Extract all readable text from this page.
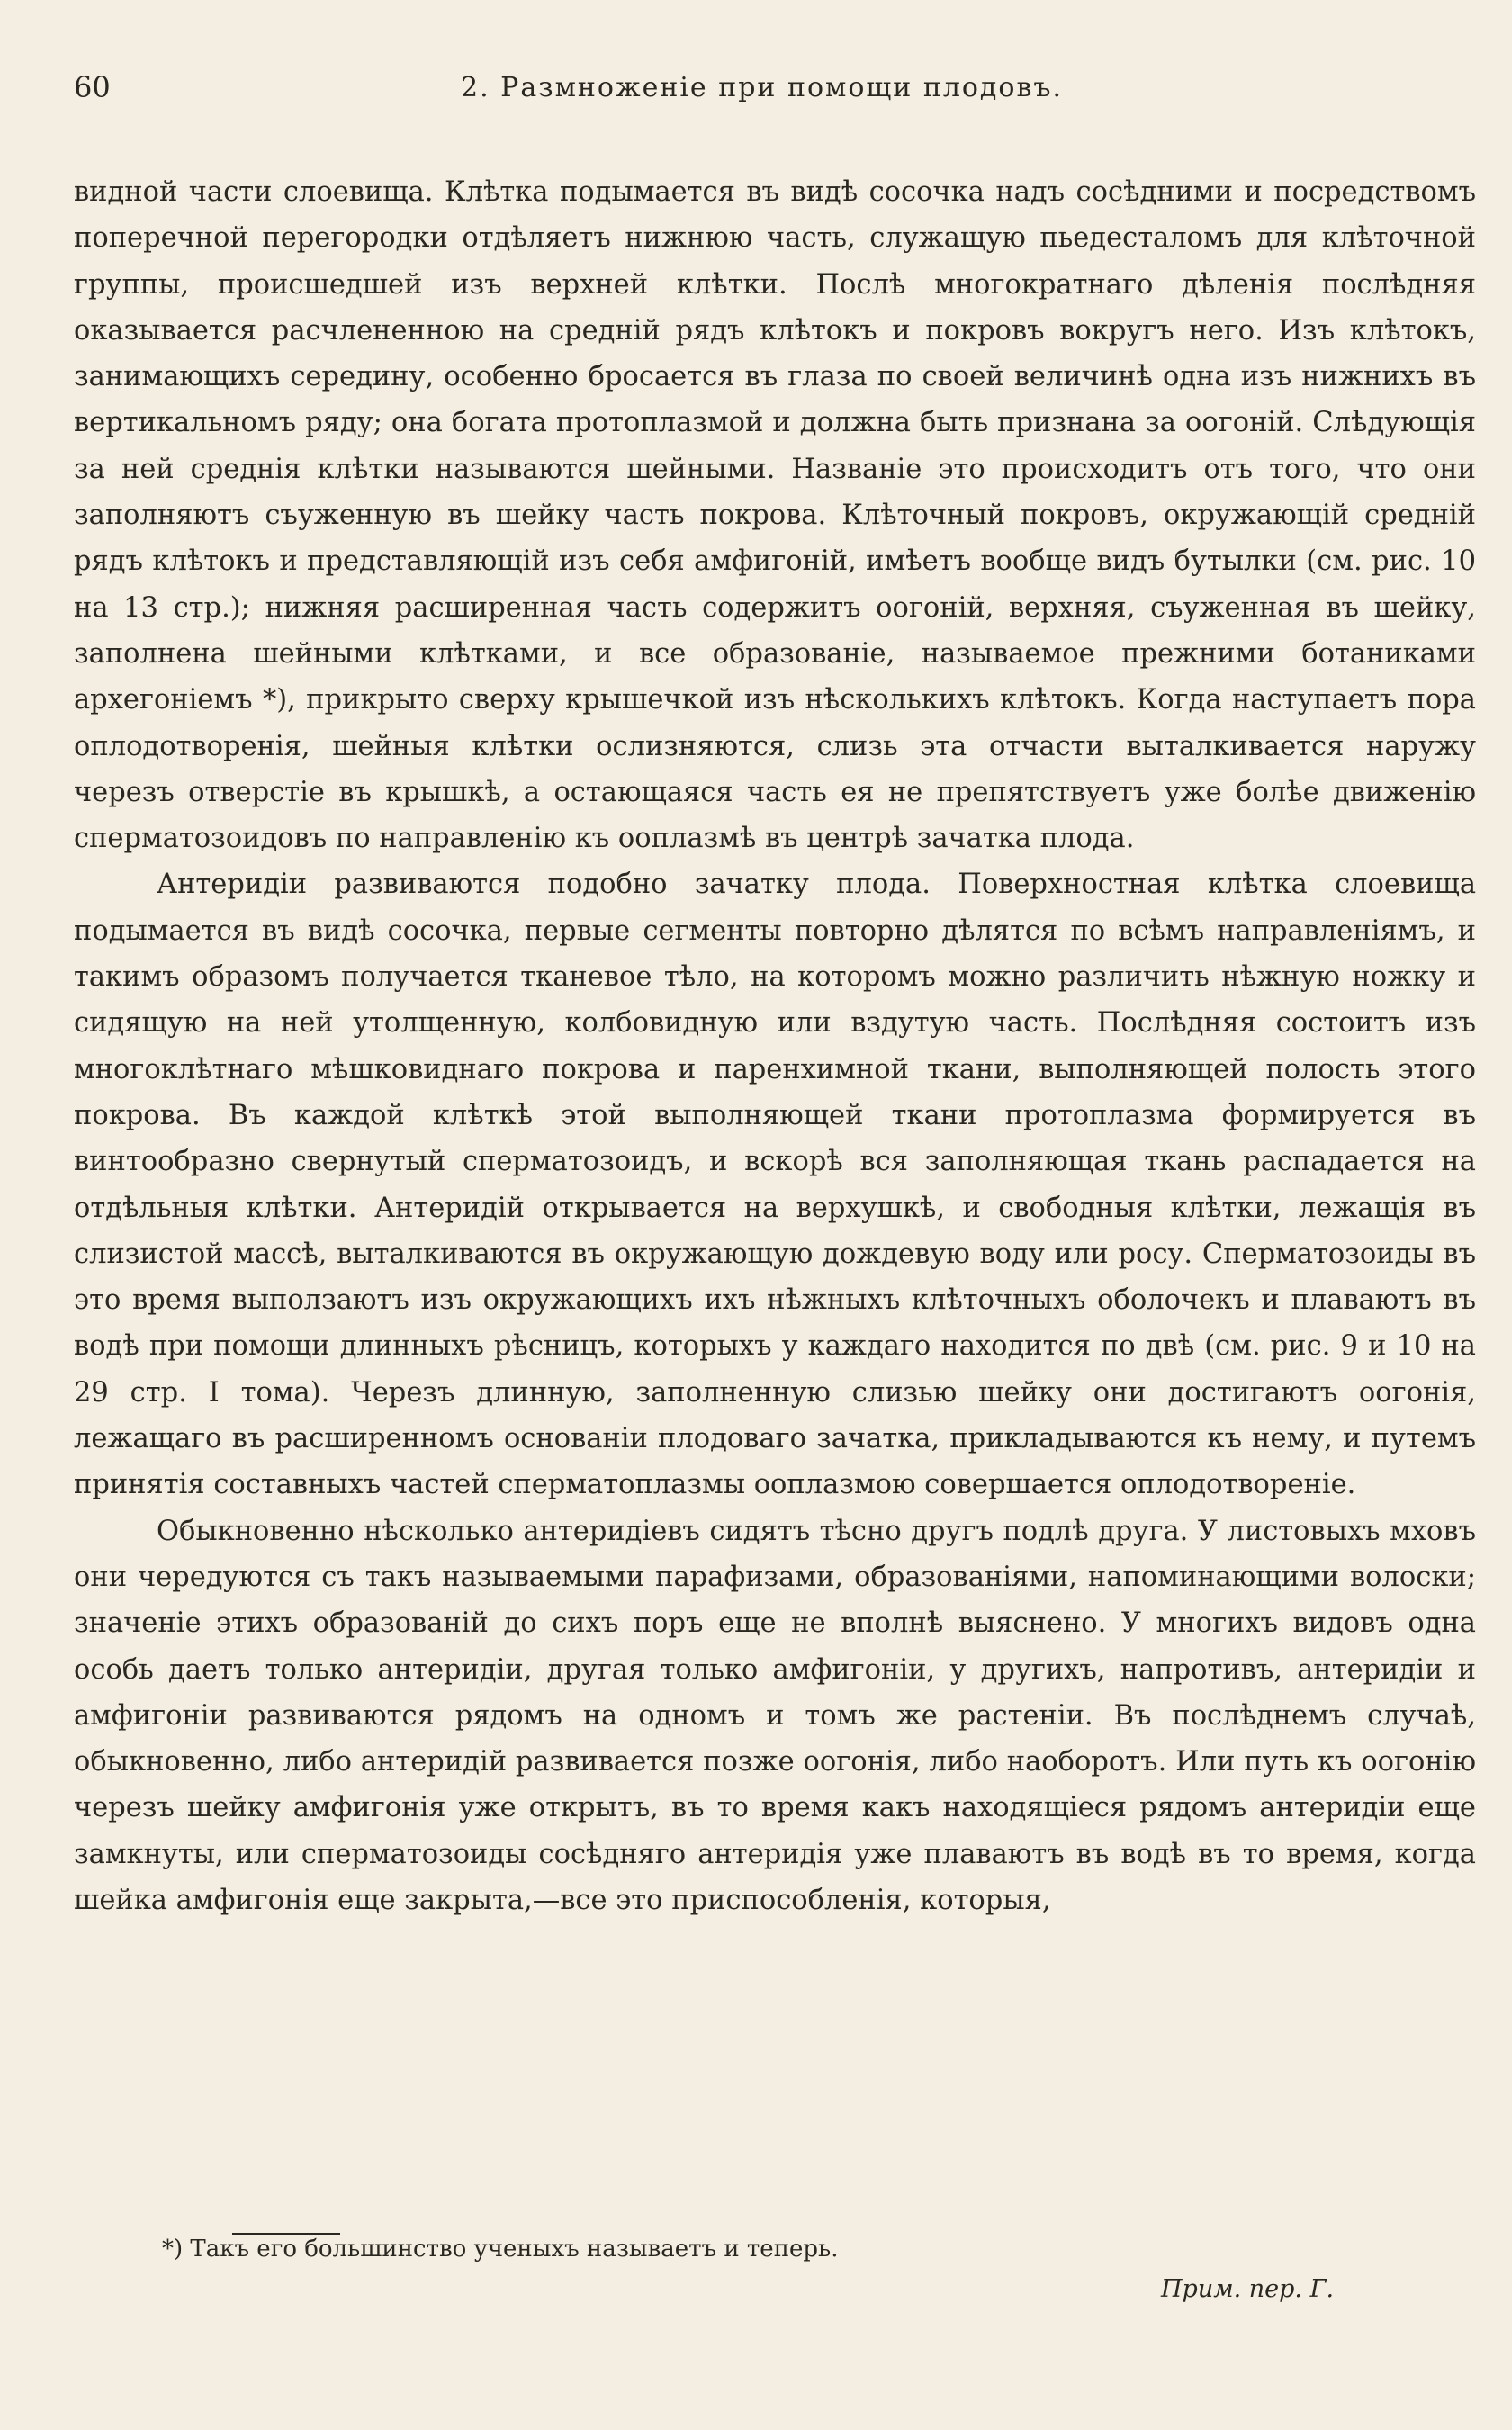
60	2. Размноженіе при помощи плодовъ.

видной части слоевища. Клѣтка подымается въ видѣ сосочка надъ сосѣдними и посредствомъ поперечной перегородки отдѣляетъ нижнюю часть, служащую пьедесталомъ для клѣточной группы, происшедшей изъ верхней клѣтки. Послѣ многократнаго дѣленія послѣдняя оказывается расчлененною на средній рядъ клѣтокъ и покровъ вокругъ него. Изъ клѣтокъ, занимающихъ середину, особенно бросается въ глаза по своей величинѣ одна изъ нижнихъ въ вертикальномъ ряду; она богата протоплазмой и должна быть признана за оогоній. Слѣдующія за ней среднія клѣтки называются шейными. Названіе это происходитъ отъ того, что они заполняютъ съуженную въ шейку часть покрова. Клѣточный покровъ, окружающій средній рядъ клѣтокъ и представляющій изъ себя амфигоній, имѣетъ вообще видъ бутылки (см. рис. 10 на 13 стр.); нижняя расширенная часть содержитъ оогоній, верхняя, съуженная въ шейку, заполнена шейными клѣтками, и все образованіе, называемое прежними ботаниками архегоніемъ *), прикрыто сверху крышечкой изъ нѣсколькихъ клѣтокъ. Когда наступаетъ пора оплодотворенія, шейныя клѣтки ослизняются, слизь эта отчасти выталкивается наружу черезъ отверстіе въ крышкѣ, а остающаяся часть ея не препятствуетъ уже болѣе движенію сперматозоидовъ по направленію къ ооплазмѣ въ центрѣ зачатка плода.

Антеридіи развиваются подобно зачатку плода. Поверхностная клѣтка слоевища подымается въ видѣ сосочка, первые сегменты повторно дѣлятся по всѣмъ направленіямъ, и такимъ образомъ получается тканевое тѣло, на которомъ можно различить нѣжную ножку и сидящую на ней утолщенную, колбовидную или вздутую часть. Послѣдняя состоитъ изъ многоклѣтнаго мѣшковиднаго покрова и паренхимной ткани, выполняющей полость этого покрова. Въ каждой клѣткѣ этой выполняющей ткани протоплазма формируется въ винтообразно свернутый сперматозоидъ, и вскорѣ вся заполняющая ткань распадается на отдѣльныя клѣтки. Антеридій открывается на верхушкѣ, и свободныя клѣтки, лежащія въ слизистой массѣ, выталкиваются въ окружающую дождевую воду или росу. Сперматозоиды въ это время выползаютъ изъ окружающихъ ихъ нѣжныхъ клѣточныхъ оболочекъ и плаваютъ въ водѣ при помощи длинныхъ рѣсницъ, которыхъ у каждаго находится по двѣ (см. рис. 9 и 10 на 29 стр. I тома). Черезъ длинную, заполненную слизью шейку они достигаютъ оогонія, лежащаго въ расширенномъ основаніи плодоваго зачатка, прикладываются къ нему, и путемъ принятія составныхъ частей сперматоплазмы ооплазмою совершается оплодотвореніе.

Обыкновенно нѣсколько антеридіевъ сидятъ тѣсно другъ подлѣ друга. У листовыхъ мховъ они чередуются съ такъ называемыми парафизами, образованіями, напоминающими волоски; значеніе этихъ образованій до сихъ поръ еще не вполнѣ выяснено. У многихъ видовъ одна особь даетъ только антеридіи, другая только амфигоніи, у другихъ, напротивъ, антеридіи и амфигоніи развиваются рядомъ на одномъ и томъ же растеніи. Въ послѣднемъ случаѣ, обыкновенно, либо антеридій развивается позже оогонія, либо наоборотъ. Или путь къ оогонію черезъ шейку амфигонія уже открытъ, въ то время какъ находящіеся рядомъ антеридіи еще замкнуты, или сперматозоиды сосѣдняго антеридія уже плаваютъ въ водѣ въ то время, когда шейка амфигонія еще закрыта,—все это приспособленія, которыя,

*) Такъ его большинство ученыхъ называетъ и теперь.
Прим. пер. Г.
